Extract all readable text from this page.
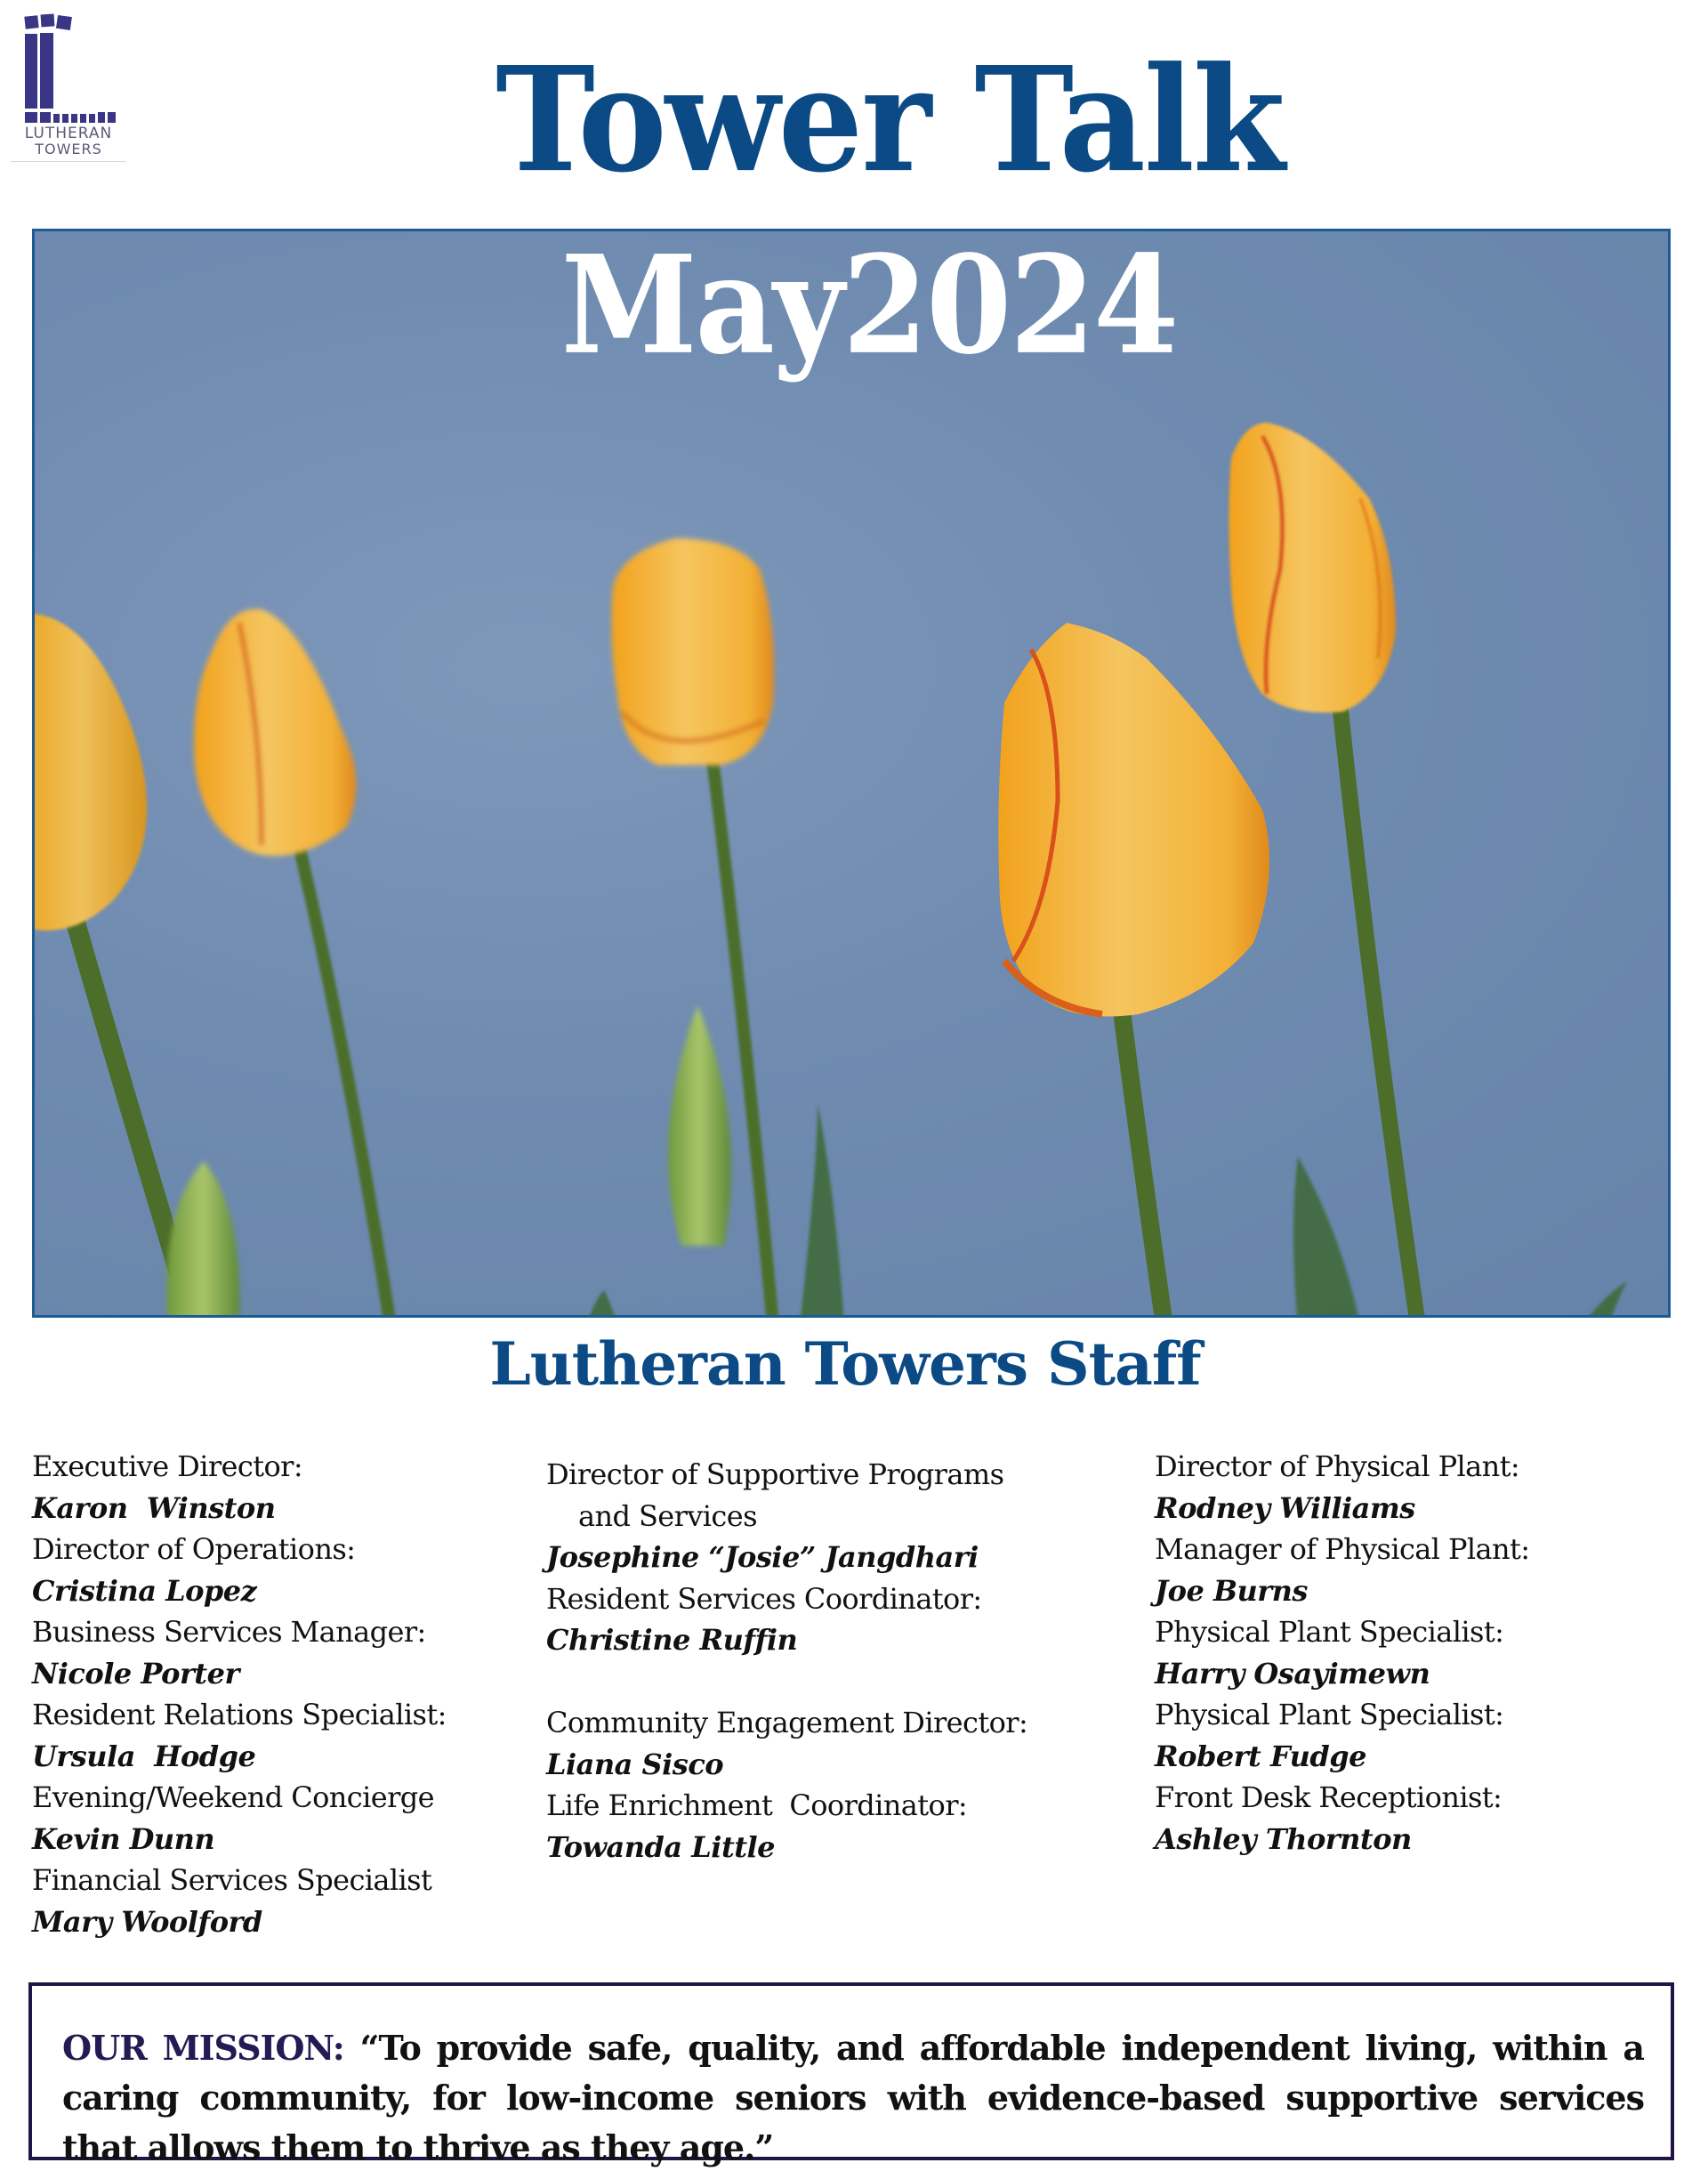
LUTHERAN
TOWERS	Tower Talk
May2024
Lutheran Towers Staff
Executive Director:
Karon  Winston
Director of Operations:
Cristina Lopez
Business Services Manager:
Nicole Porter
Resident Relations Specialist:
Ursula  Hodge
Evening/Weekend Concierge
Kevin Dunn
Financial Services Specialist
Mary Woolford
Director of Supportive Programs
and Services
Josephine “Josie” Jangdhari
Resident Services Coordinator:
Christine Ruffin
Community Engagement Director:
Liana Sisco
Life Enrichment  Coordinator:
Towanda Little
Director of Physical Plant:
Rodney Williams
Manager of Physical Plant:
Joe Burns
Physical Plant Specialist:
Harry Osayimewn
Physical Plant Specialist:
Robert Fudge
Front Desk Receptionist:
Ashley Thornton

OUR MISSION: “To provide safe, quality, and affordable independent living, within a caring community, for low-income seniors with evidence-based supportive services that allows them to thrive as they age.”
